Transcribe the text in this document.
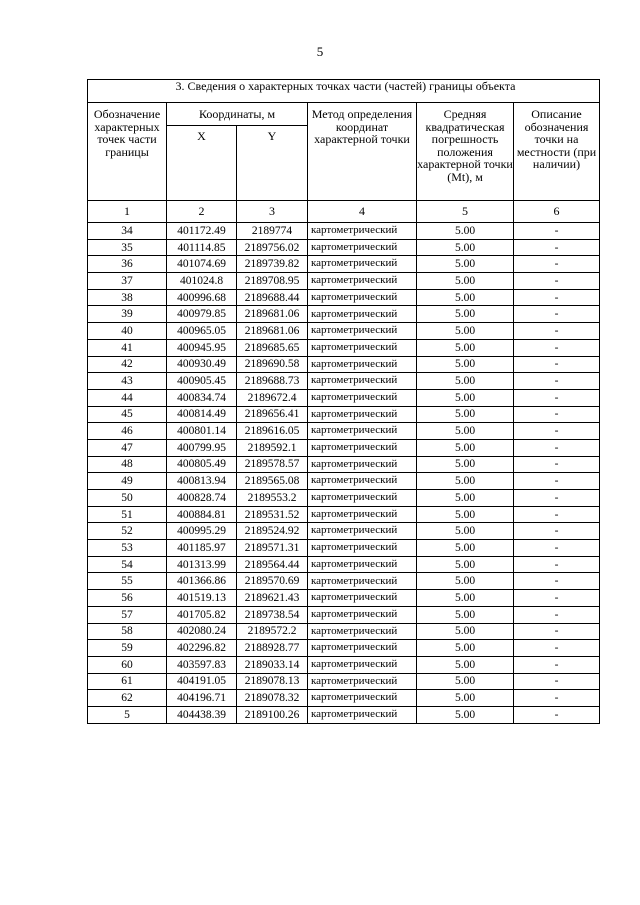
5
3. Сведения о характерных точках части (частей) границы объекта					
Обозначение характерных точек части границы	Координаты, м		Метод определения координат характерной точки	Средняя квадратическая погрешность положения характерной точки (Mt), м	Описание обозначения точки на местности (при наличии)
	X	Y			
1	2	3	4	5	6
34	401172.49	2189774	картометрический	5.00	-
35	401114.85	2189756.02	картометрический	5.00	-
36	401074.69	2189739.82	картометрический	5.00	-
37	401024.8	2189708.95	картометрический	5.00	-
38	400996.68	2189688.44	картометрический	5.00	-
39	400979.85	2189681.06	картометрический	5.00	-
40	400965.05	2189681.06	картометрический	5.00	-
41	400945.95	2189685.65	картометрический	5.00	-
42	400930.49	2189690.58	картометрический	5.00	-
43	400905.45	2189688.73	картометрический	5.00	-
44	400834.74	2189672.4	картометрический	5.00	-
45	400814.49	2189656.41	картометрический	5.00	-
46	400801.14	2189616.05	картометрический	5.00	-
47	400799.95	2189592.1	картометрический	5.00	-
48	400805.49	2189578.57	картометрический	5.00	-
49	400813.94	2189565.08	картометрический	5.00	-
50	400828.74	2189553.2	картометрический	5.00	-
51	400884.81	2189531.52	картометрический	5.00	-
52	400995.29	2189524.92	картометрический	5.00	-
53	401185.97	2189571.31	картометрический	5.00	-
54	401313.99	2189564.44	картометрический	5.00	-
55	401366.86	2189570.69	картометрический	5.00	-
56	401519.13	2189621.43	картометрический	5.00	-
57	401705.82	2189738.54	картометрический	5.00	-
58	402080.24	2189572.2	картометрический	5.00	-
59	402296.82	2188928.77	картометрический	5.00	-
60	403597.83	2189033.14	картометрический	5.00	-
61	404191.05	2189078.13	картометрический	5.00	-
62	404196.71	2189078.32	картометрический	5.00	-
5	404438.39	2189100.26	картометрический	5.00	-
